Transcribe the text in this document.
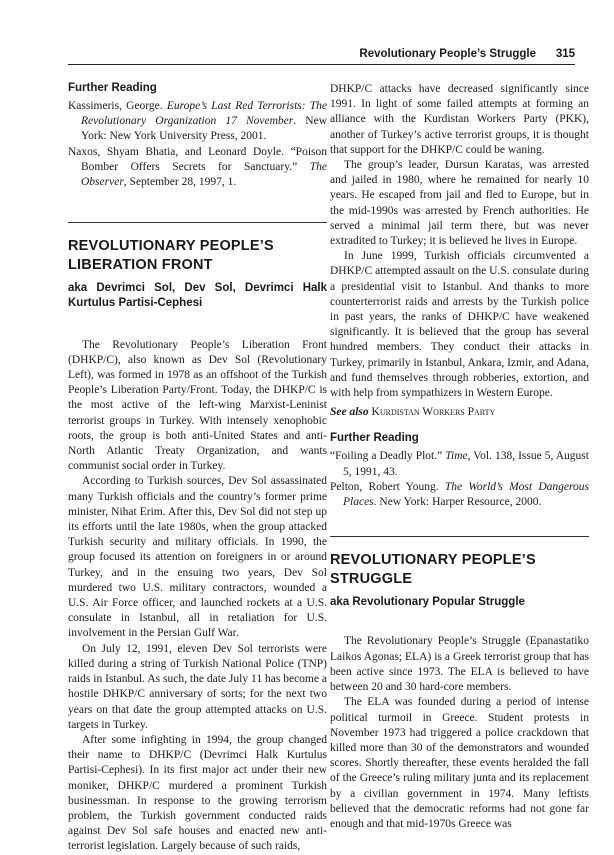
Revolutionary People’s Struggle 315
Further Reading

Kassimeris, George. Europe’s Last Red Terrorists: The Revolutionary Organization 17 November. New York: New York University Press, 2001.

Naxos, Shyam Bhatia, and Leonard Doyle. “Poison Bomber Offers Secrets for Sanctuary.” The Observer, September 28, 1997, 1.

REVOLUTIONARY PEOPLE’S
LIBERATION FRONT

aka Devrimci Sol, Dev Sol, Devrimci Halk Kurtulus Partisi-Cephesi

The Revolutionary People’s Liberation Front (DHKP/C), also known as Dev Sol (Revolutionary Left), was formed in 1978 as an offshoot of the Turkish People’s Liberation Party/Front. Today, the DHKP/C is the most active of the left-wing Marxist-Leninist terrorist groups in Turkey. With intensely xenophobic roots, the group is both anti-United States and anti-North Atlantic Treaty Organization, and wants communist social order in Turkey.

According to Turkish sources, Dev Sol assassinated many Turkish officials and the country’s former prime minister, Nihat Erim. After this, Dev Sol did not step up its efforts until the late 1980s, when the group attacked Turkish security and military officials. In 1990, the group focused its attention on foreigners in or around Turkey, and in the ensuing two years, Dev Sol murdered two U.S. military contractors, wounded a U.S. Air Force officer, and launched rockets at a U.S. consulate in Istanbul, all in retaliation for U.S. involvement in the Persian Gulf War.

On July 12, 1991, eleven Dev Sol terrorists were killed during a string of Turkish National Police (TNP) raids in Istanbul. As such, the date July 11 has become a hostile DHKP/C anniversary of sorts; for the next two years on that date the group attempted attacks on U.S. targets in Turkey.

After some infighting in 1994, the group changed their name to DHKP/C (Devrimci Halk Kurtulus Partisi-Cephesi). In its first major act under their new moniker, DHKP/C murdered a prominent Turkish businessman. In response to the growing terrorism problem, the Turkish government conducted raids against Dev Sol safe houses and enacted new anti-terrorist legislation. Largely because of such raids,

DHKP/C attacks have decreased significantly since 1991. In light of some failed attempts at forming an alliance with the Kurdistan Workers Party (PKK), another of Turkey’s active terrorist groups, it is thought that support for the DHKP/C could be waning.

The group’s leader, Dursun Karatas, was arrested and jailed in 1980, where he remained for nearly 10 years. He escaped from jail and fled to Europe, but in the mid-1990s was arrested by French authorities. He served a minimal jail term there, but was never extradited to Turkey; it is believed he lives in Europe.

In June 1999, Turkish officials circumvented a DHKP/C attempted assault on the U.S. consulate during a presidential visit to Istanbul. And thanks to more counterterrorist raids and arrests by the Turkish police in past years, the ranks of DHKP/C have weakened significantly. It is believed that the group has several hundred members. They conduct their attacks in Turkey, primarily in Istanbul, Ankara, Izmir, and Adana, and fund themselves through robberies, extortion, and with help from sympathizers in Western Europe.

See also Kurdistan Workers Party

Further Reading

“Foiling a Deadly Plot.” Time, Vol. 138, Issue 5, August 5, 1991, 43.

Pelton, Robert Young. The World’s Most Dangerous Places. New York: Harper Resource, 2000.

REVOLUTIONARY PEOPLE’S
STRUGGLE

aka Revolutionary Popular Struggle

The Revolutionary People’s Struggle (Epanastatiko Laikos Agonas; ELA) is a Greek terrorist group that has been active since 1973. The ELA is believed to have between 20 and 30 hard-core members.

The ELA was founded during a period of intense political turmoil in Greece. Student protests in November 1973 had triggered a police crackdown that killed more than 30 of the demonstrators and wounded scores. Shortly thereafter, these events heralded the fall of the Greece’s ruling military junta and its replacement by a civilian government in 1974. Many leftists believed that the democratic reforms had not gone far enough and that mid-1970s Greece was
